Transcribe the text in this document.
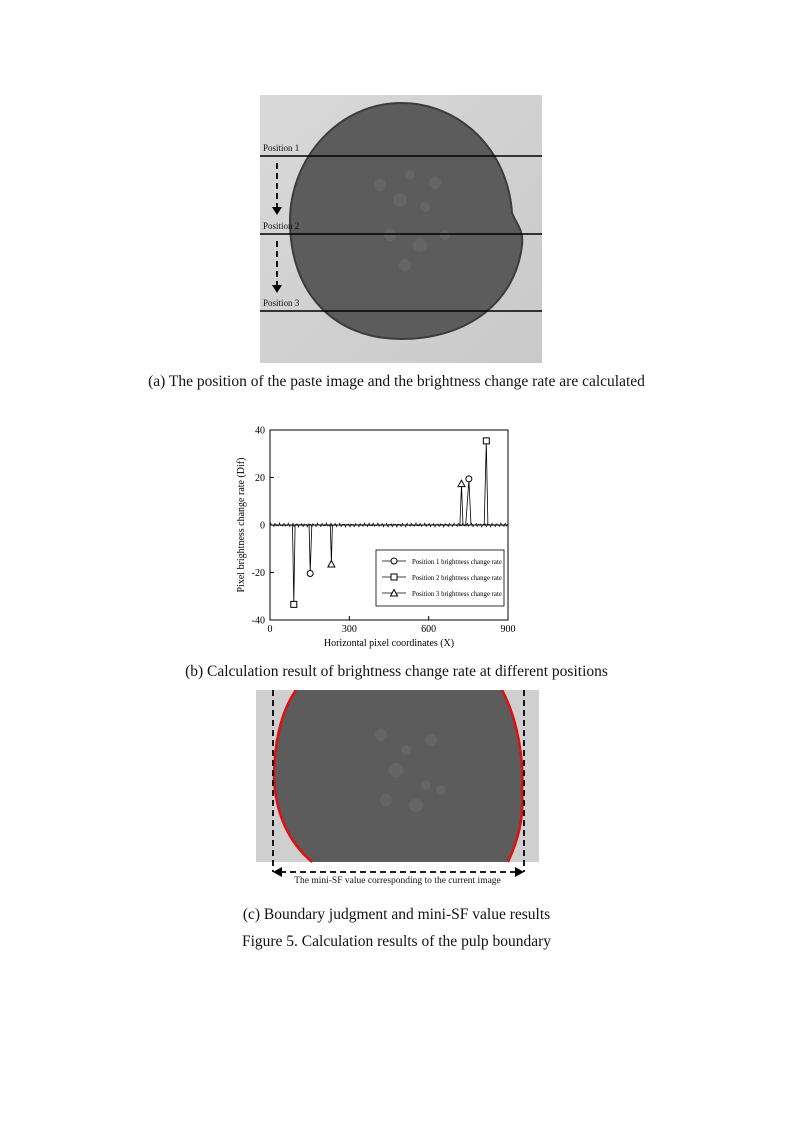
Position 1
Position 2
Position 3
(a) The position of the paste image and the brightness change rate are calculated
0	300	600	900
-40
-20
0
20
40
Horizontal pixel coordinates (X)
Pixel brightness change rate (Dif)	Position 1 brightness change rate
Position 2 brightness change rate
Position 3 brightness change rate
(b) Calculation result of brightness change rate at different positions
The mini-SF value corresponding to the current image
(c) Boundary judgment and mini-SF value results
Figure 5. Calculation results of the pulp boundary
